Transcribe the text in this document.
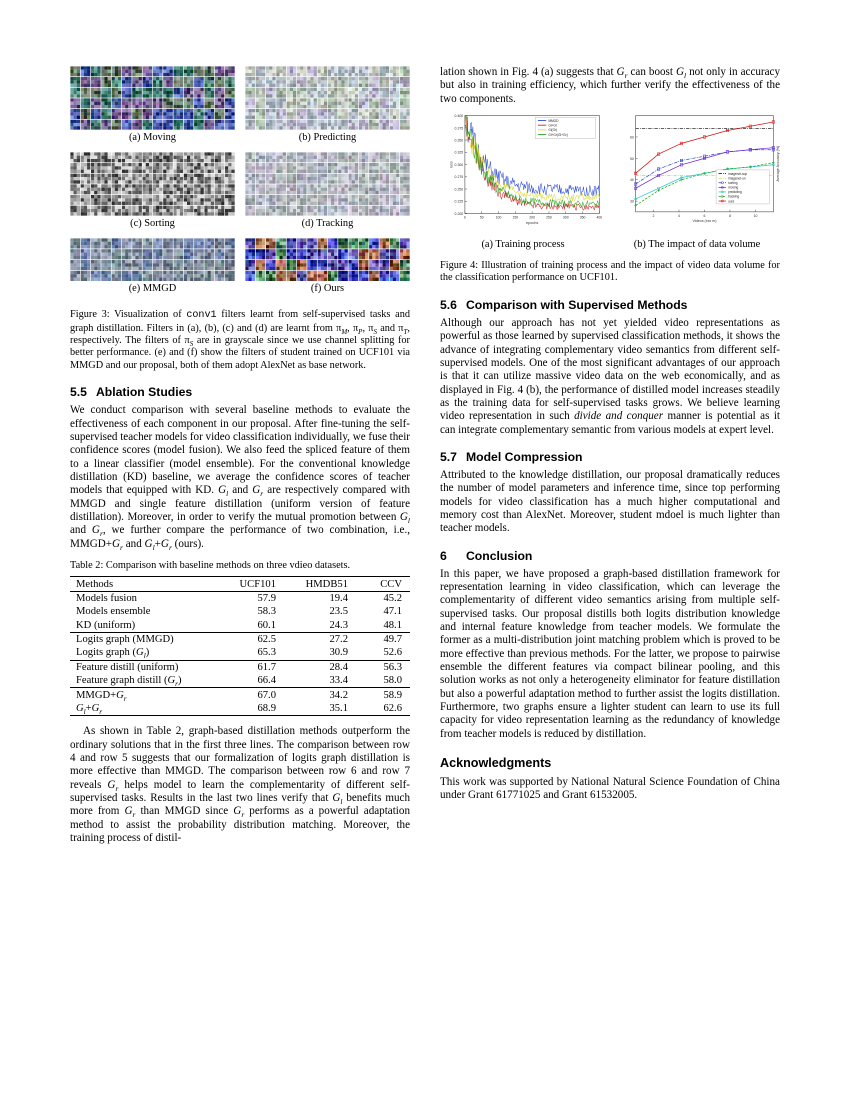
(a) Moving	(b) Predicting
(c) Sorting	(d) Tracking
(e) MMGD	(f) Ours

Figure 3: Visualization of conv1 filters learnt from self-supervised tasks and graph distillation. Filters in (a), (b), (c) and (d) are learnt from $\pi_M$, $\pi_P$, $\pi_S$ and $\pi_T$, respectively. The filters of $\pi_S$ are in grayscale since we use channel splitting for better performance. (e) and (f) show the filters of student trained on UCF101 via MMGD and our proposal, both of them adopt AlexNet as base network.

5.5 Ablation Studies

We conduct comparison with several baseline methods to evaluate the effectiveness of each component in our proposal. After fine-tuning the self-supervised teacher models for video classification individually, we fuse their confidence scores (model fusion). We also feed the spliced feature of them to a linear classifier (model ensemble). For the conventional knowledge distillation (KD) baseline, we average the confidence scores of teacher models that equipped with KD. $G_l$ and $G_r$ are respectively compared with MMGD and single feature distillation (uniform version of feature distillation). Moreover, in order to verify the mutual promotion between $G_l$ and $G_r$, we further compare the performance of two combination, i.e., $MMGD+G_r$ and $G_l+G_r$ (ours).

Table 2: Comparison with baseline methods on three vdieo datasets.

Methods	UCF101	HMDB51	CCV
Models fusion	57.9	19.4	45.2
Models ensemble	58.3	23.5	47.1
KD (uniform)	60.1	24.3	48.1
Logits graph (MMGD)	62.5	27.2	49.7
Logits graph $(G_l)$	65.3	30.9	52.6
Feature distill (uniform)	61.7	28.4	56.3
Feature graph distill $(G_r)$	66.4	33.4	58.0
$MMGD+G_r$	67.0	34.2	58.9
$G_l+G_r$	68.9	35.1	62.6

As shown in Table 2, graph-based distillation methods outperform the ordinary solutions that in the first three lines. The comparison between row 4 and row 5 suggests that our formalization of logits graph distillation is more effective than MMGD. The comparison between row 6 and row 7 reveals $G_r$ helps model to learn the complementarity of different self-supervised tasks. Results in the last two lines verify that $G_l$ benefits much more from $G_r$ than MMGD since $G_r$ performs as a powerful adaptation method to assist the probability distribution matching. Moreover, the training process of distil-

lation shown in Fig. 4 (a) suggests that $G_r$ can boost $G_l$ not only in accuracy but also in training efficiency, which further verify the effectiveness of the two components.

0.200
0.225
0.250
0.275
0.300
0.325
0.350
0.375
0.400
0	50	100	150	200	250	300	350	400
epochs
loss
MMGD
Gl+Gr
Gl(Gr)
Gl+Gr(Gl+Gr)
(a) Training process
30
40
50
60
2	4	6	8	10
Videos (xxx m)
Average Accuracy (%)
imagenet-sup
imagenet-un
sorting
moving
predicting
tracking
ours
(b) The impact of data volume

Figure 4: Illustration of training process and the impact of video data volume for the classification performance on UCF101.

5.6 Comparison with Supervised Methods

Although our approach has not yet yielded video representations as powerful as those learned by supervised classification methods, it shows the advance of integrating complementary video semantics from different self-supervised models. One of the most significant advantages of our approach is that it can utilize massive video data on the web economically, and as displayed in Fig. 4 (b), the performance of distilled model increases steadily as the training data for self-supervised tasks grows. We believe learning video representation in such divide and conquer manner is potential as it can integrate complementary semantic from various models at expert level.

5.7 Model Compression

Attributed to the knowledge distillation, our proposal dramatically reduces the number of model parameters and inference time, since top performing models for video classification has a much higher computational and memory cost than AlexNet. Moreover, student mdoel is much lighter than teacher models.

6 Conclusion

In this paper, we have proposed a graph-based distillation framework for representation learning in video classification, which can leverage the complementarity of different video semantics arising from multiple self-supervised tasks. Our proposal distills both logits distribution knowledge and internal feature knowledge from teacher models. We formulate the former as a multi-distribution joint matching problem which is proved to be more effective than previous methods. For the latter, we propose to pairwise ensemble the different features via compact bilinear pooling, and this solution works as not only a heterogeneity eliminator for feature distillation but also a powerful adaptation method to further assist the logits distillation. Furthermore, two graphs ensure a lighter student can learn to use its full capacity for video representation learning as the redundancy of knowledge from teacher models is reduced by distillation.

Acknowledgments

This work was supported by National Natural Science Foundation of China under Grant 61771025 and Grant 61532005.
